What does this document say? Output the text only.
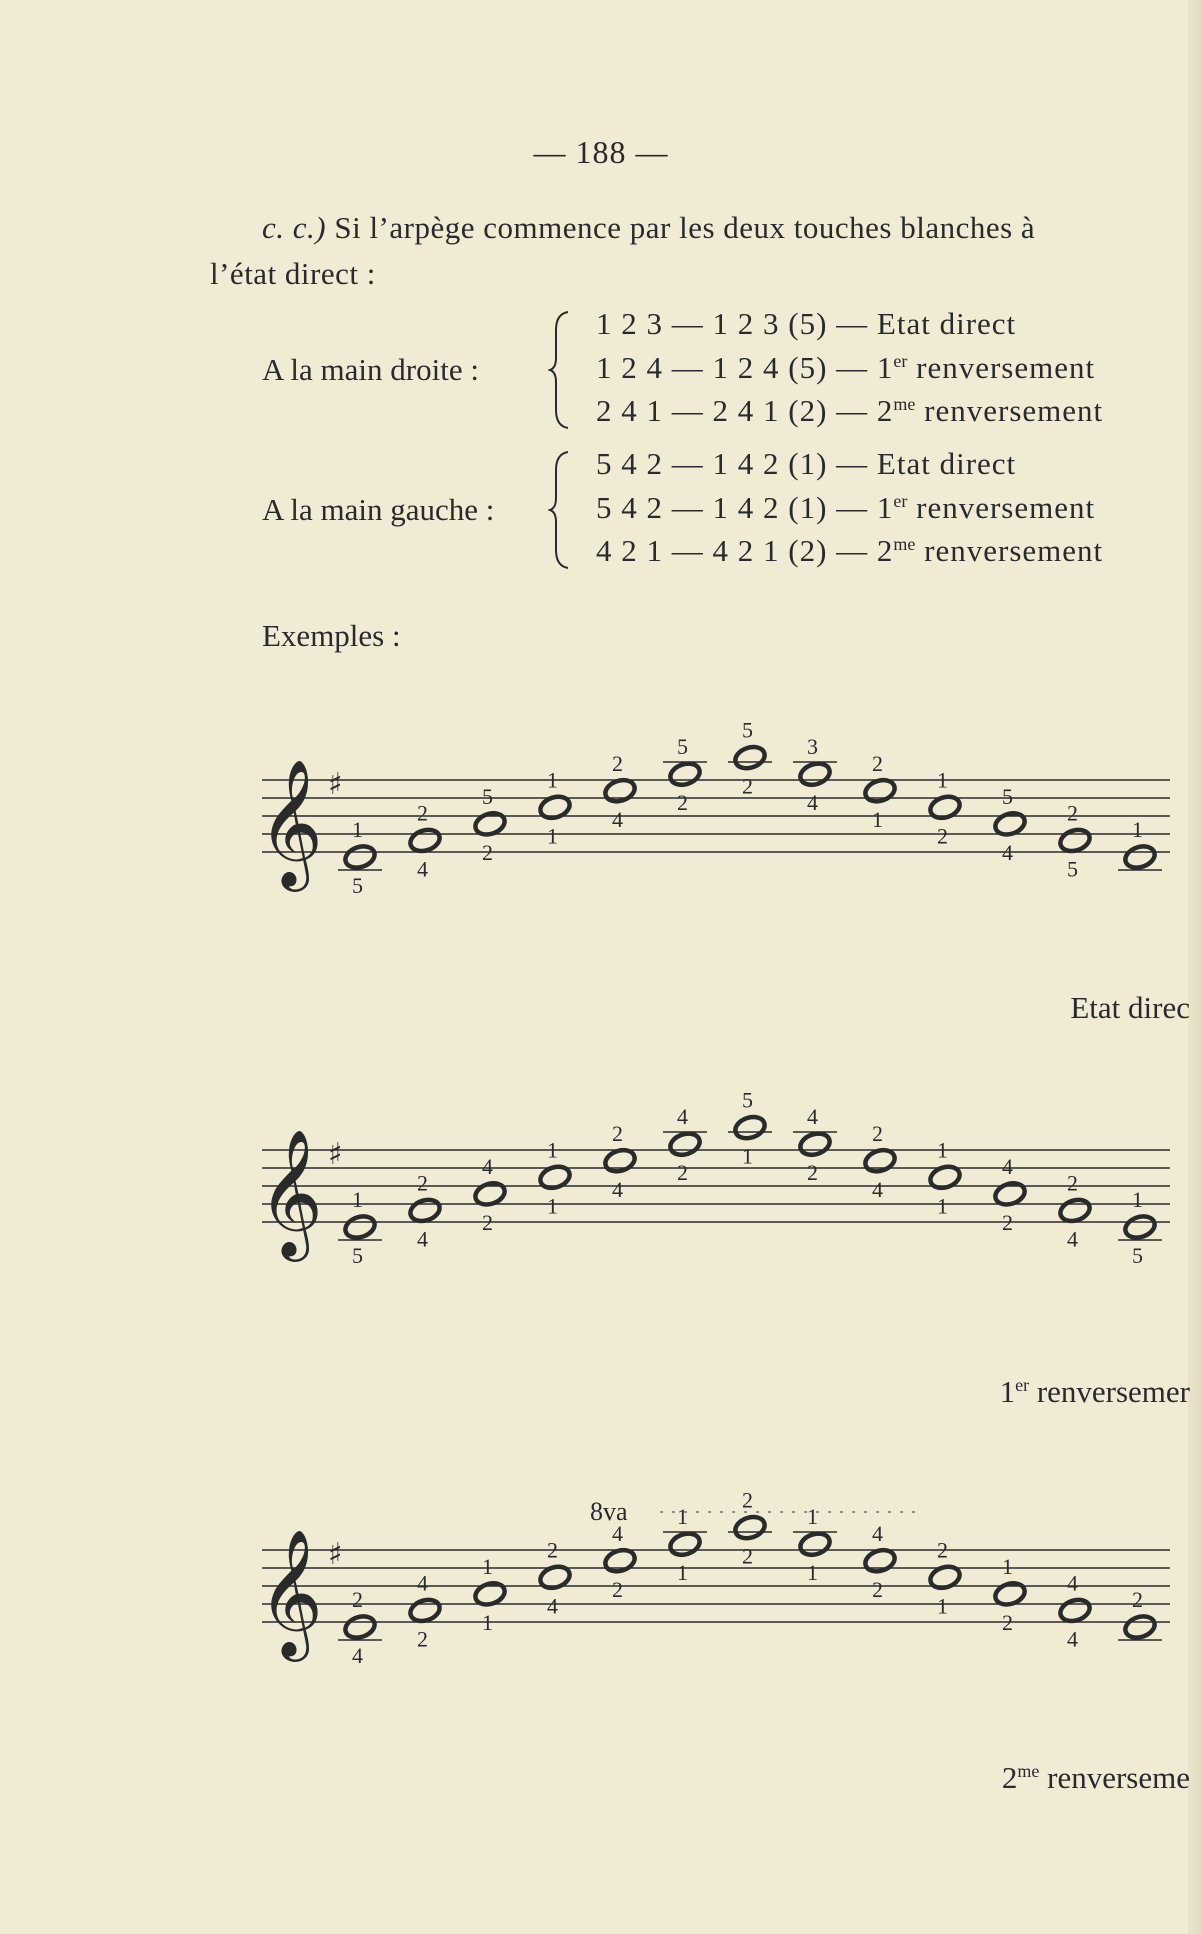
— 188 —
c. c.) Si l’arpège commence par les deux touches blanches à
l’état direct :
A la main droite :
1 2 3 — 1 2 3 (5) — Etat direct
1 2 4 — 1 2 4 (5) — 1er renversement
2 4 1 — 2 4 1 (2) — $2^{me}$ renversement
A la main gauche :
5 4 2 — 1 4 2 (1) — Etat direct
5 4 2 — 1 4 2 (1) — 1er renversement
4 2 1 — 4 2 1 (2) — $2^{me}$ renversement
Exemples :
𝄞 ♯
1
5
2
4
5
2
1
1
2
4
5
2
5
2
3
4
2
1
1
2
5
4
2
5
1
Etat direc
𝄞 ♯
1
5
2
4
4
2
1
1
2
4
4
2
5
1
4
2
2
4
1
1
4
2
2
4
1
5
1er renversemer
𝄞 ♯
8va
2
4
4
2
1
1
2
4
4
2
1
1
2
2
1
1
4
2
2
1
1
2
4
4
2
$2^{me}$ renverseme
